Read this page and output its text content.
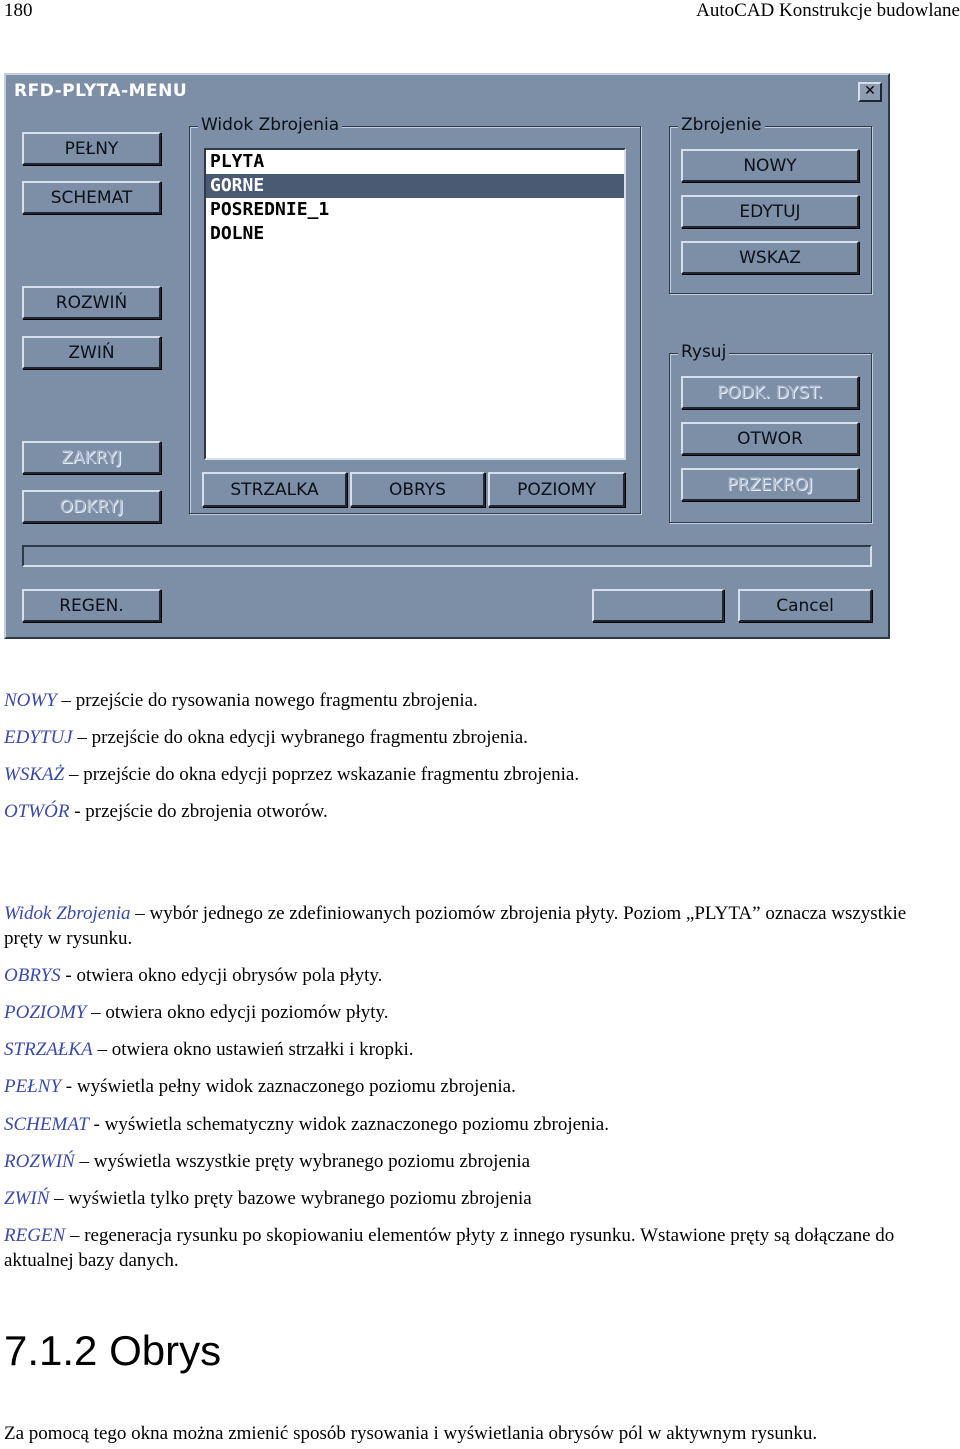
180	AutoCAD Konstrukcje budowlane
RFD-PLYTA-MENU	✕
PEŁNY
SCHEMAT
ROZWIŃ
ZWIŃ
ZAKRYJ
ODKRYJ
Widok Zbrojenia
PLYTA
GORNE
POSREDNIE_1
DOLNE
STRZALKA	OBRYS	POZIOMY
Zbrojenie
NOWY
EDYTUJ
WSKAZ
Rysuj
PODK. DYST.
OTWOR
PRZEKROJ
REGEN.	Cancel
NOWY – przejście do rysowania nowego fragmentu zbrojenia.
EDYTUJ – przejście do okna edycji wybranego fragmentu zbrojenia.
WSKAŻ – przejście do okna edycji poprzez wskazanie fragmentu zbrojenia.
OTWÓR - przejście do zbrojenia otworów.
Widok Zbrojenia – wybór jednego ze zdefiniowanych poziomów zbrojenia płyty. Poziom „PLYTA” oznacza wszystkie pręty w rysunku.
OBRYS - otwiera okno edycji obrysów pola płyty.
POZIOMY – otwiera okno edycji poziomów płyty.
STRZAŁKA – otwiera okno ustawień strzałki i kropki.
PEŁNY - wyświetla pełny widok zaznaczonego poziomu zbrojenia.
SCHEMAT - wyświetla schematyczny widok zaznaczonego poziomu zbrojenia.
ROZWIŃ – wyświetla wszystkie pręty wybranego poziomu zbrojenia
ZWIŃ – wyświetla tylko pręty bazowe wybranego poziomu zbrojenia
REGEN – regeneracja rysunku po skopiowaniu elementów płyty z innego rysunku. Wstawione pręty są dołączane do aktualnej bazy danych.
7.1.2 Obrys
Za pomocą tego okna można zmienić sposób rysowania i wyświetlania obrysów pól w aktywnym rysunku.
